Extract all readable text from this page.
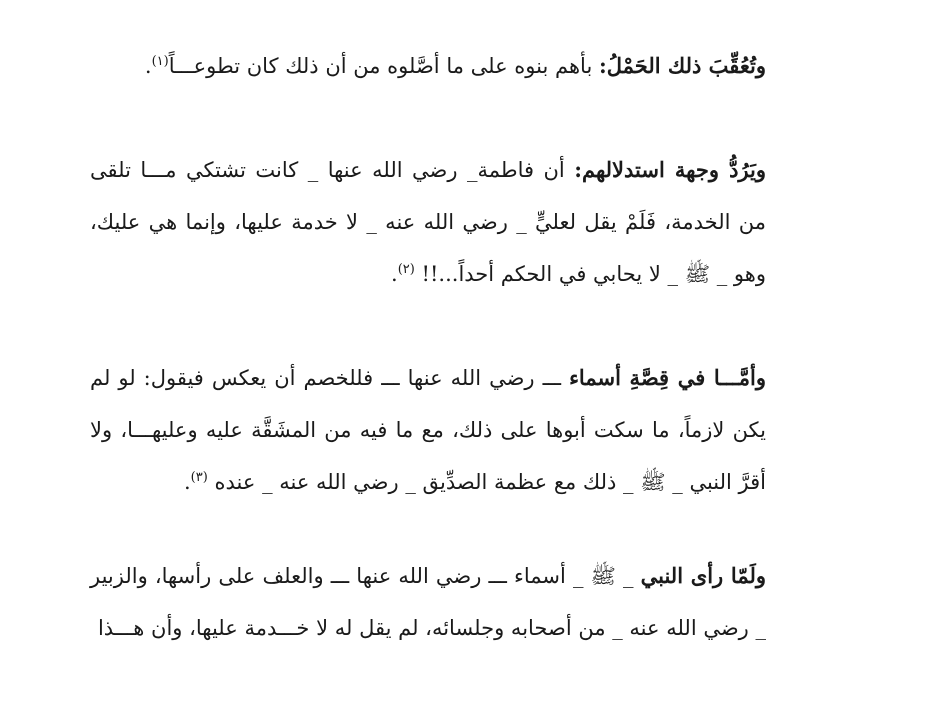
وتُعُقِّبَ ذلك الحَمْلُ: بأهم بنوه على ما أصَّلوه من أن ذلك كان تطوعـــاً$^{(١)}$.

ويَرُدُّ وجهة استدلالهم: أن فاطمة_ رضي الله عنها _ كانت تشتكي مـــا تلقى من الخدمة، فَلَمْ يقل لعليٍّ _ رضي الله عنه _ لا خدمة عليها، وإنما هي عليك، وهو _ ﷺ _ لا يحابي في الحكم أحداً...!! $^{(٢)}$.

وأمَّـــا في قِصَّةِ أسماء ـــ رضي الله عنها ـــ فللخصم أن يعكس فيقول: لو لم يكن لازماً، ما سكت أبوها على ذلك، مع ما فيه من المشَقَّة عليه وعليهـــا، ولا أقرَّ النبي _ ﷺ _ ذلك مع عظمة الصدِّيق _ رضي الله عنه _ عنده $^{(٣)}$.

ولَمّا رأى النبي _ ﷺ _ أسماء ـــ رضي الله عنها ـــ والعلف على رأسها، والزبير _ رضي الله عنه _ من أصحابه وجلسائه، لم يقل له لا خـــدمة عليها، وأن هـــذا
